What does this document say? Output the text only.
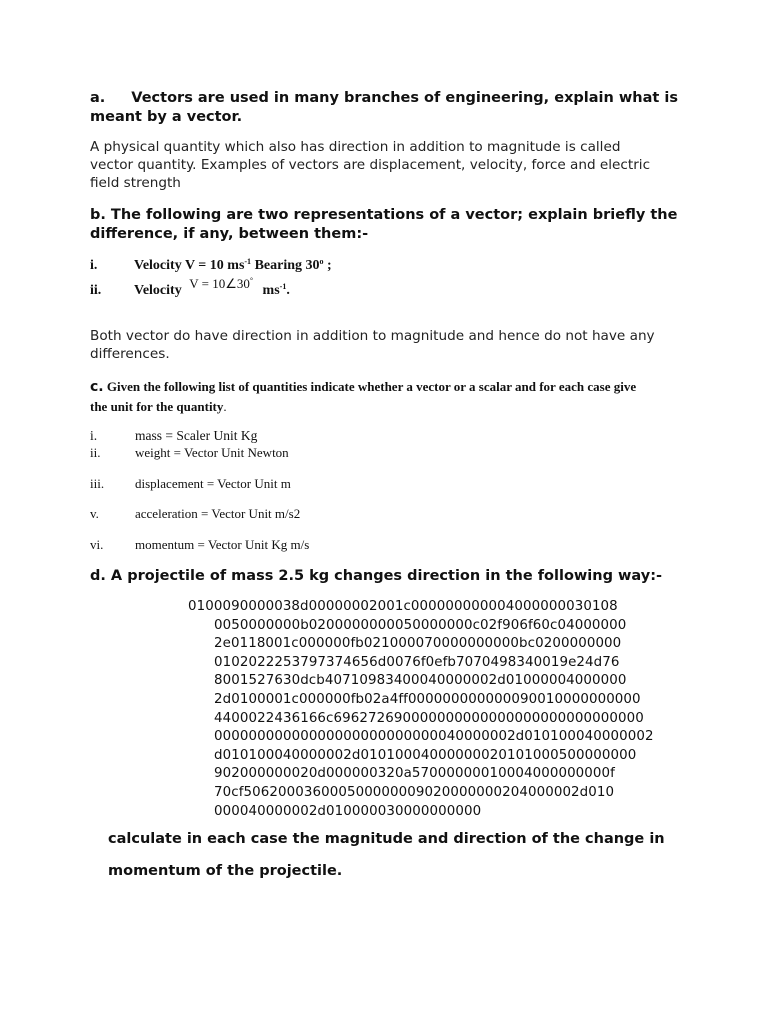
a. Vectors are used in many branches of engineering, explain what is
meant by a vector.
A physical quantity which also has direction in addition to magnitude is called
vector quantity. Examples of vectors are displacement, velocity, force and electric
field strength
b. The following are two representations of a vector; explain briefly the
difference, if any, between them:-
i.	Velocity V = 10 $ms^{-1}$ Bearing 30$^o$ ;
ii. Velocity V = 10∠30° $ms^{-1}$.
Both vector do have direction in addition to magnitude and hence do not have any
differences.
c. Given the following list of quantities indicate whether a vector or a scalar and for each case give
the unit for the quantity.
i.	mass = Scaler Unit Kg
ii.	weight = Vector Unit Newton
iii. displacement = Vector Unit m
v.	acceleration = Vector Unit m/s2
vi. momentum = Vector Unit Kg m/s
d. A projectile of mass 2.5 kg changes direction in the following way:-
0100090000038d00000002001c000000000004000000030108
0050000000b0200000000050000000c02f906f60c04000000
2e0118001c000000fb021000070000000000bc0200000000
0102022253797374656d0076f0efb7070498340019e24d76
8001527630dcb40710983400040000002d01000004000000
2d0100001c000000fb02a4ff000000000000090010000000000
4400022436166c696272690000000000000000000000000000
00000000000000000000000000040000002d010100040000002
d010100040000002d01010004000000020101000500000000
902000000020d000000320a57000000010004000000000f
70cf506200036000500000009020000000204000002d010
000040000002d010000030000000000
calculate in each case the magnitude and direction of the change in
momentum of the projectile.
